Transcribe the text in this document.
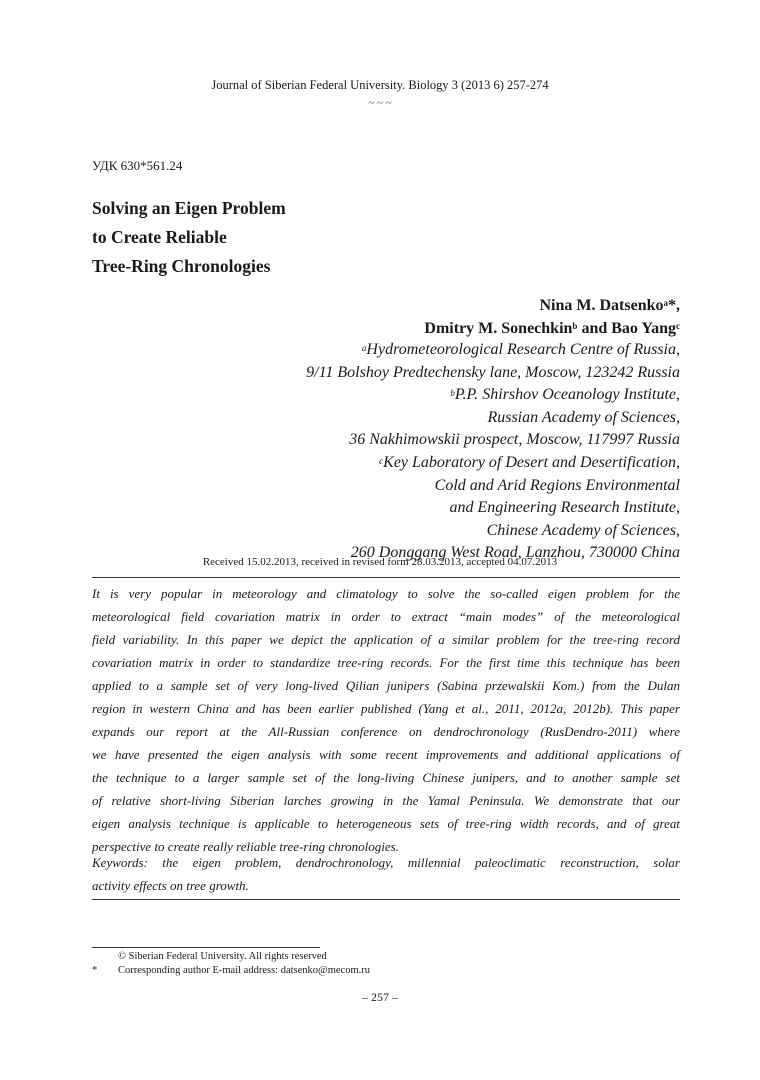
Journal of Siberian Federal University. Biology 3 (2013 6) 257-274
~ ~ ~
УДК 630*561.24
Solving an Eigen Problem
to Create Reliable
Tree-Ring Chronologies
Nina M. Datsenko$^a$*,
Dmitry M. Sonechkin$^b$ and Bao Yang$^c$
$^a$Hydrometeorological Research Centre of Russia,
9/11 Bolshoy Predtechensky lane, Moscow, 123242 Russia
$^b$P.P. Shirshov Oceanology Institute,
Russian Academy of Sciences,
36 Nakhimowskii prospect, Moscow, 117997 Russia
$^c$Key Laboratory of Desert and Desertification,
Cold and Arid Regions Environmental
and Engineering Research Institute,
Chinese Academy of Sciences,
260 Donggang West Road, Lanzhou, 730000 China
Received 15.02.2013, received in revised form 28.03.2013, accepted 04.07.2013
It is very popular in meteorology and climatology to solve the so-called eigen problem for the
meteorological field covariation matrix in order to extract “main modes” of the meteorological
field variability. In this paper we depict the application of a similar problem for the tree-ring record
covariation matrix in order to standardize tree-ring records. For the first time this technique has been
applied to a sample set of very long-lived Qilian junipers (Sabina przewalskii Kom.) from the Dulan
region in western China and has been earlier published (Yang et al., 2011, 2012a, 2012b). This paper
expands our report at the All-Russian conference on dendrochronology (RusDendro-2011) where
we have presented the eigen analysis with some recent improvements and additional applications of
the technique to a larger sample set of the long-living Chinese junipers, and to another sample set
of relative short-living Siberian larches growing in the Yamal Peninsula. We demonstrate that our
eigen analysis technique is applicable to heterogeneous sets of tree-ring width records, and of great
perspective to create really reliable tree-ring chronologies.
Keywords: the eigen problem, dendrochronology, millennial paleoclimatic reconstruction, solar
activity effects on tree growth.
© Siberian Federal University. All rights reserved
*	Corresponding author E-mail address: datsenko@mecom.ru
– 257 –
